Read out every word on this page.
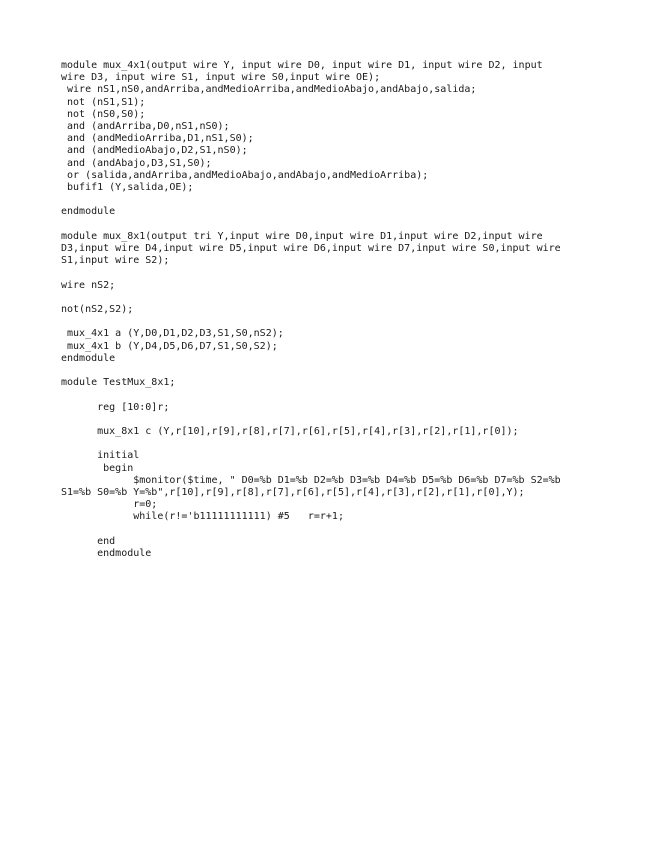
module mux_4x1(output wire Y, input wire D0, input wire D1, input wire D2, input
wire D3, input wire S1, input wire S0,input wire OE);
wire nS1,nS0,andArriba,andMedioArriba,andMedioAbajo,andAbajo,salida;
not (nS1,S1);
not (nS0,S0);
and (andArriba,D0,nS1,nS0);
and (andMedioArriba,D1,nS1,S0);
and (andMedioAbajo,D2,S1,nS0);
and (andAbajo,D3,S1,S0);
or (salida,andArriba,andMedioAbajo,andAbajo,andMedioArriba);
bufif1 (Y,salida,OE);
endmodule
module mux_8x1(output tri Y,input wire D0,input wire D1,input wire D2,input wire
D3,input wire D4,input wire D5,input wire D6,input wire D7,input wire S0,input wire
S1,input wire S2);
wire nS2;
not(nS2,S2);
mux_4x1 a (Y,D0,D1,D2,D3,S1,S0,nS2);
mux_4x1 b (Y,D4,D5,D6,D7,S1,S0,S2);
endmodule
module TestMux_8x1;
reg [10:0]r;
mux_8x1 c (Y,r[10],r[9],r[8],r[7],r[6],r[5],r[4],r[3],r[2],r[1],r[0]);
initial
begin
$monitor($time, " D0=%b D1=%b D2=%b D3=%b D4=%b D5=%b D6=%b D7=%b S2=%b
S1=%b S0=%b Y=%b",r[10],r[9],r[8],r[7],r[6],r[5],r[4],r[3],r[2],r[1],r[0],Y);
r=0;
while(r!='b11111111111) #5   r=r+1;
end
endmodule
